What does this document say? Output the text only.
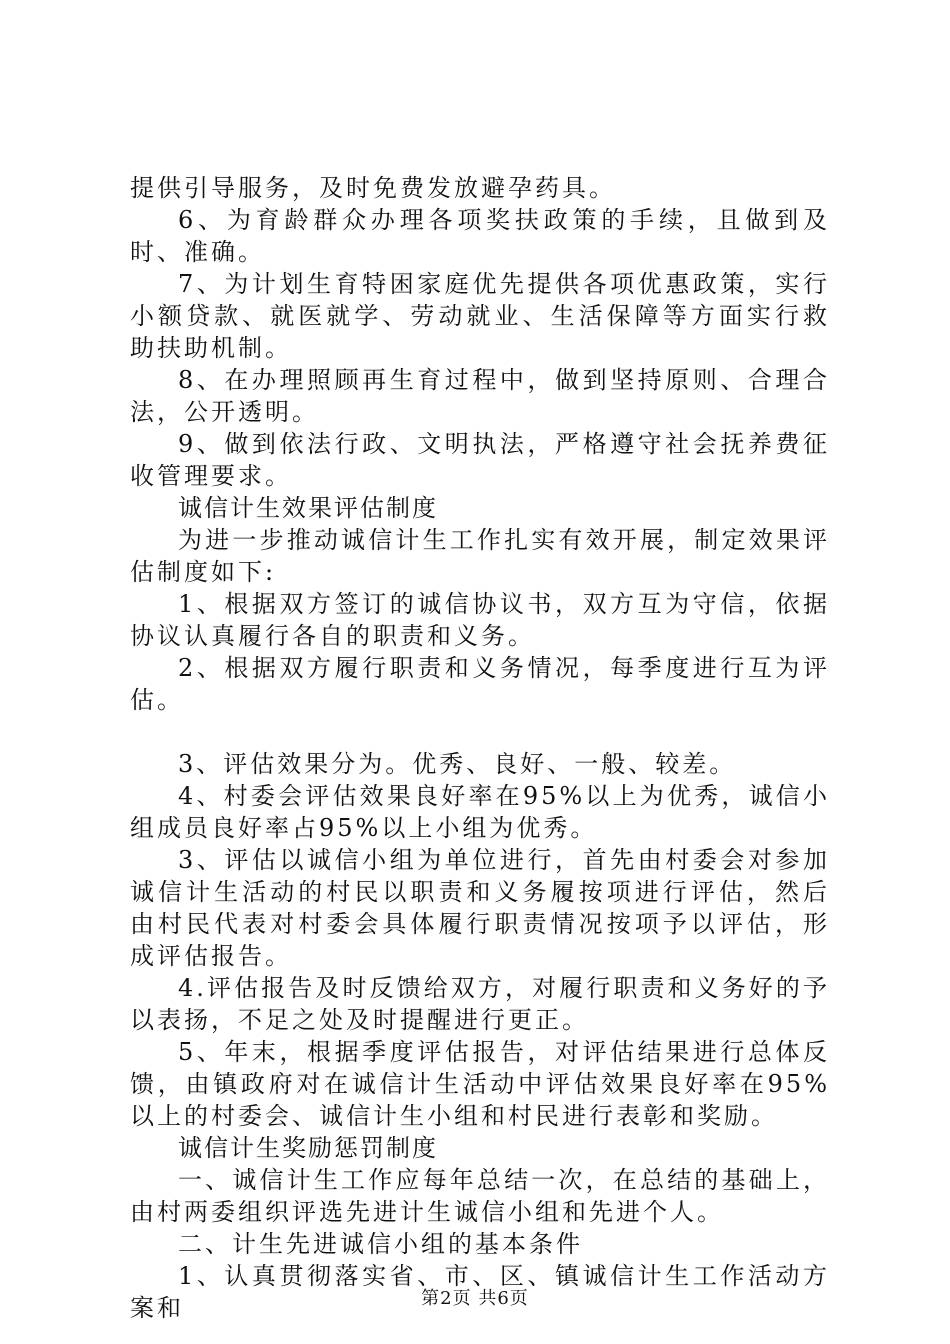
提供引导服务，及时免费发放避孕药具。

6、为育龄群众办理各项奖扶政策的手续，且做到及时、准确。

7、为计划生育特困家庭优先提供各项优惠政策，实行小额贷款、就医就学、劳动就业、生活保障等方面实行救助扶助机制。

8、在办理照顾再生育过程中，做到坚持原则、合理合法，公开透明。

9、做到依法行政、文明执法，严格遵守社会抚养费征收管理要求。

诚信计生效果评估制度

为进一步推动诚信计生工作扎实有效开展，制定效果评估制度如下:

1、根据双方签订的诚信协议书，双方互为守信，依据协议认真履行各自的职责和义务。

2、根据双方履行职责和义务情况，每季度进行互为评估。

3、评估效果分为。优秀、良好、一般、较差。

4、村委会评估效果良好率在95%以上为优秀，诚信小组成员良好率占95%以上小组为优秀。

3、评估以诚信小组为单位进行，首先由村委会对参加诚信计生活动的村民以职责和义务履按项进行评估，然后由村民代表对村委会具体履行职责情况按项予以评估，形成评估报告。

4.评估报告及时反馈给双方，对履行职责和义务好的予以表扬，不足之处及时提醒进行更正。

5、年末，根据季度评估报告，对评估结果进行总体反馈，由镇政府对在诚信计生活动中评估效果良好率在95%以上的村委会、诚信计生小组和村民进行表彰和奖励。

诚信计生奖励惩罚制度

一、诚信计生工作应每年总结一次，在总结的基础上，由村两委组织评选先进计生诚信小组和先进个人。

二、计生先进诚信小组的基本条件

1、认真贯彻落实省、市、区、镇诚信计生工作活动方案和	第2页 共6页
